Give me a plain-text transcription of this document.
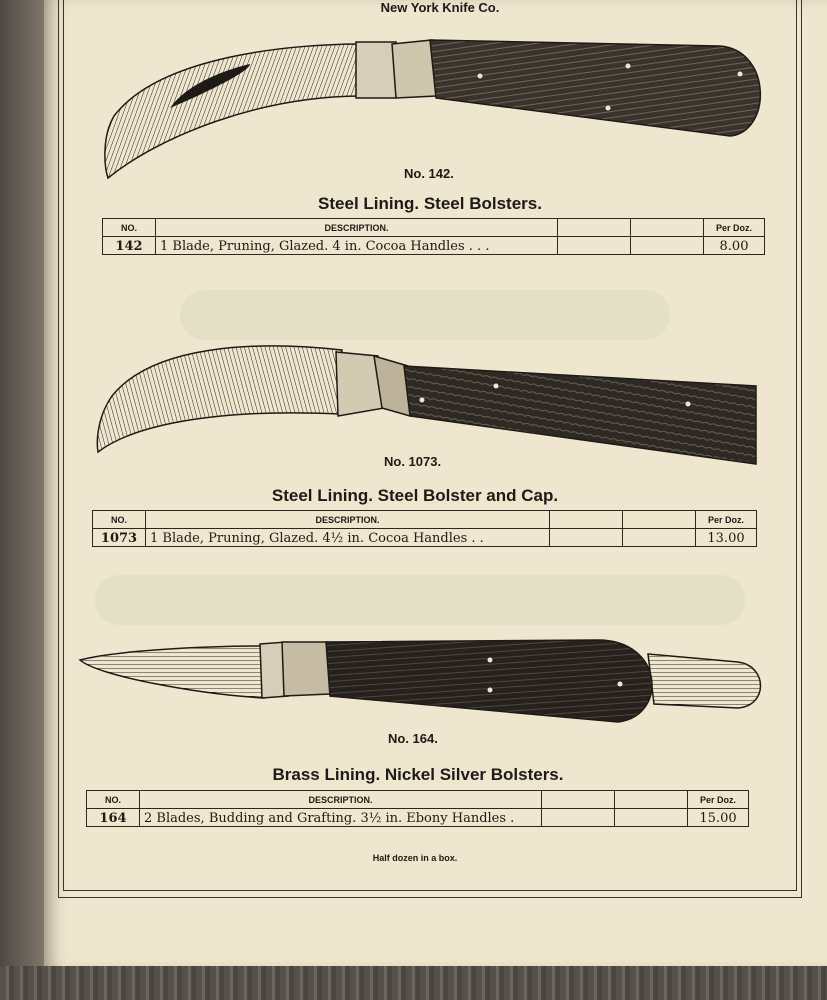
New York Knife Co.
No. 142.
Steel Lining. Steel Bolsters.
NO.	DESCRIPTION.			Per Doz.
142	1 Blade, Pruning, Glazed. 4 in. Cocoa Handles . . .			8.00
No. 1073.
Steel Lining. Steel Bolster and Cap.
NO.	DESCRIPTION.			Per Doz.
1073	1 Blade, Pruning, Glazed. 4½ in. Cocoa Handles . .			13.00
No. 164.
Brass Lining. Nickel Silver Bolsters.
NO.	DESCRIPTION.			Per Doz.
164	2 Blades, Budding and Grafting. 3½ in. Ebony Handles .			15.00
Half dozen in a box.
